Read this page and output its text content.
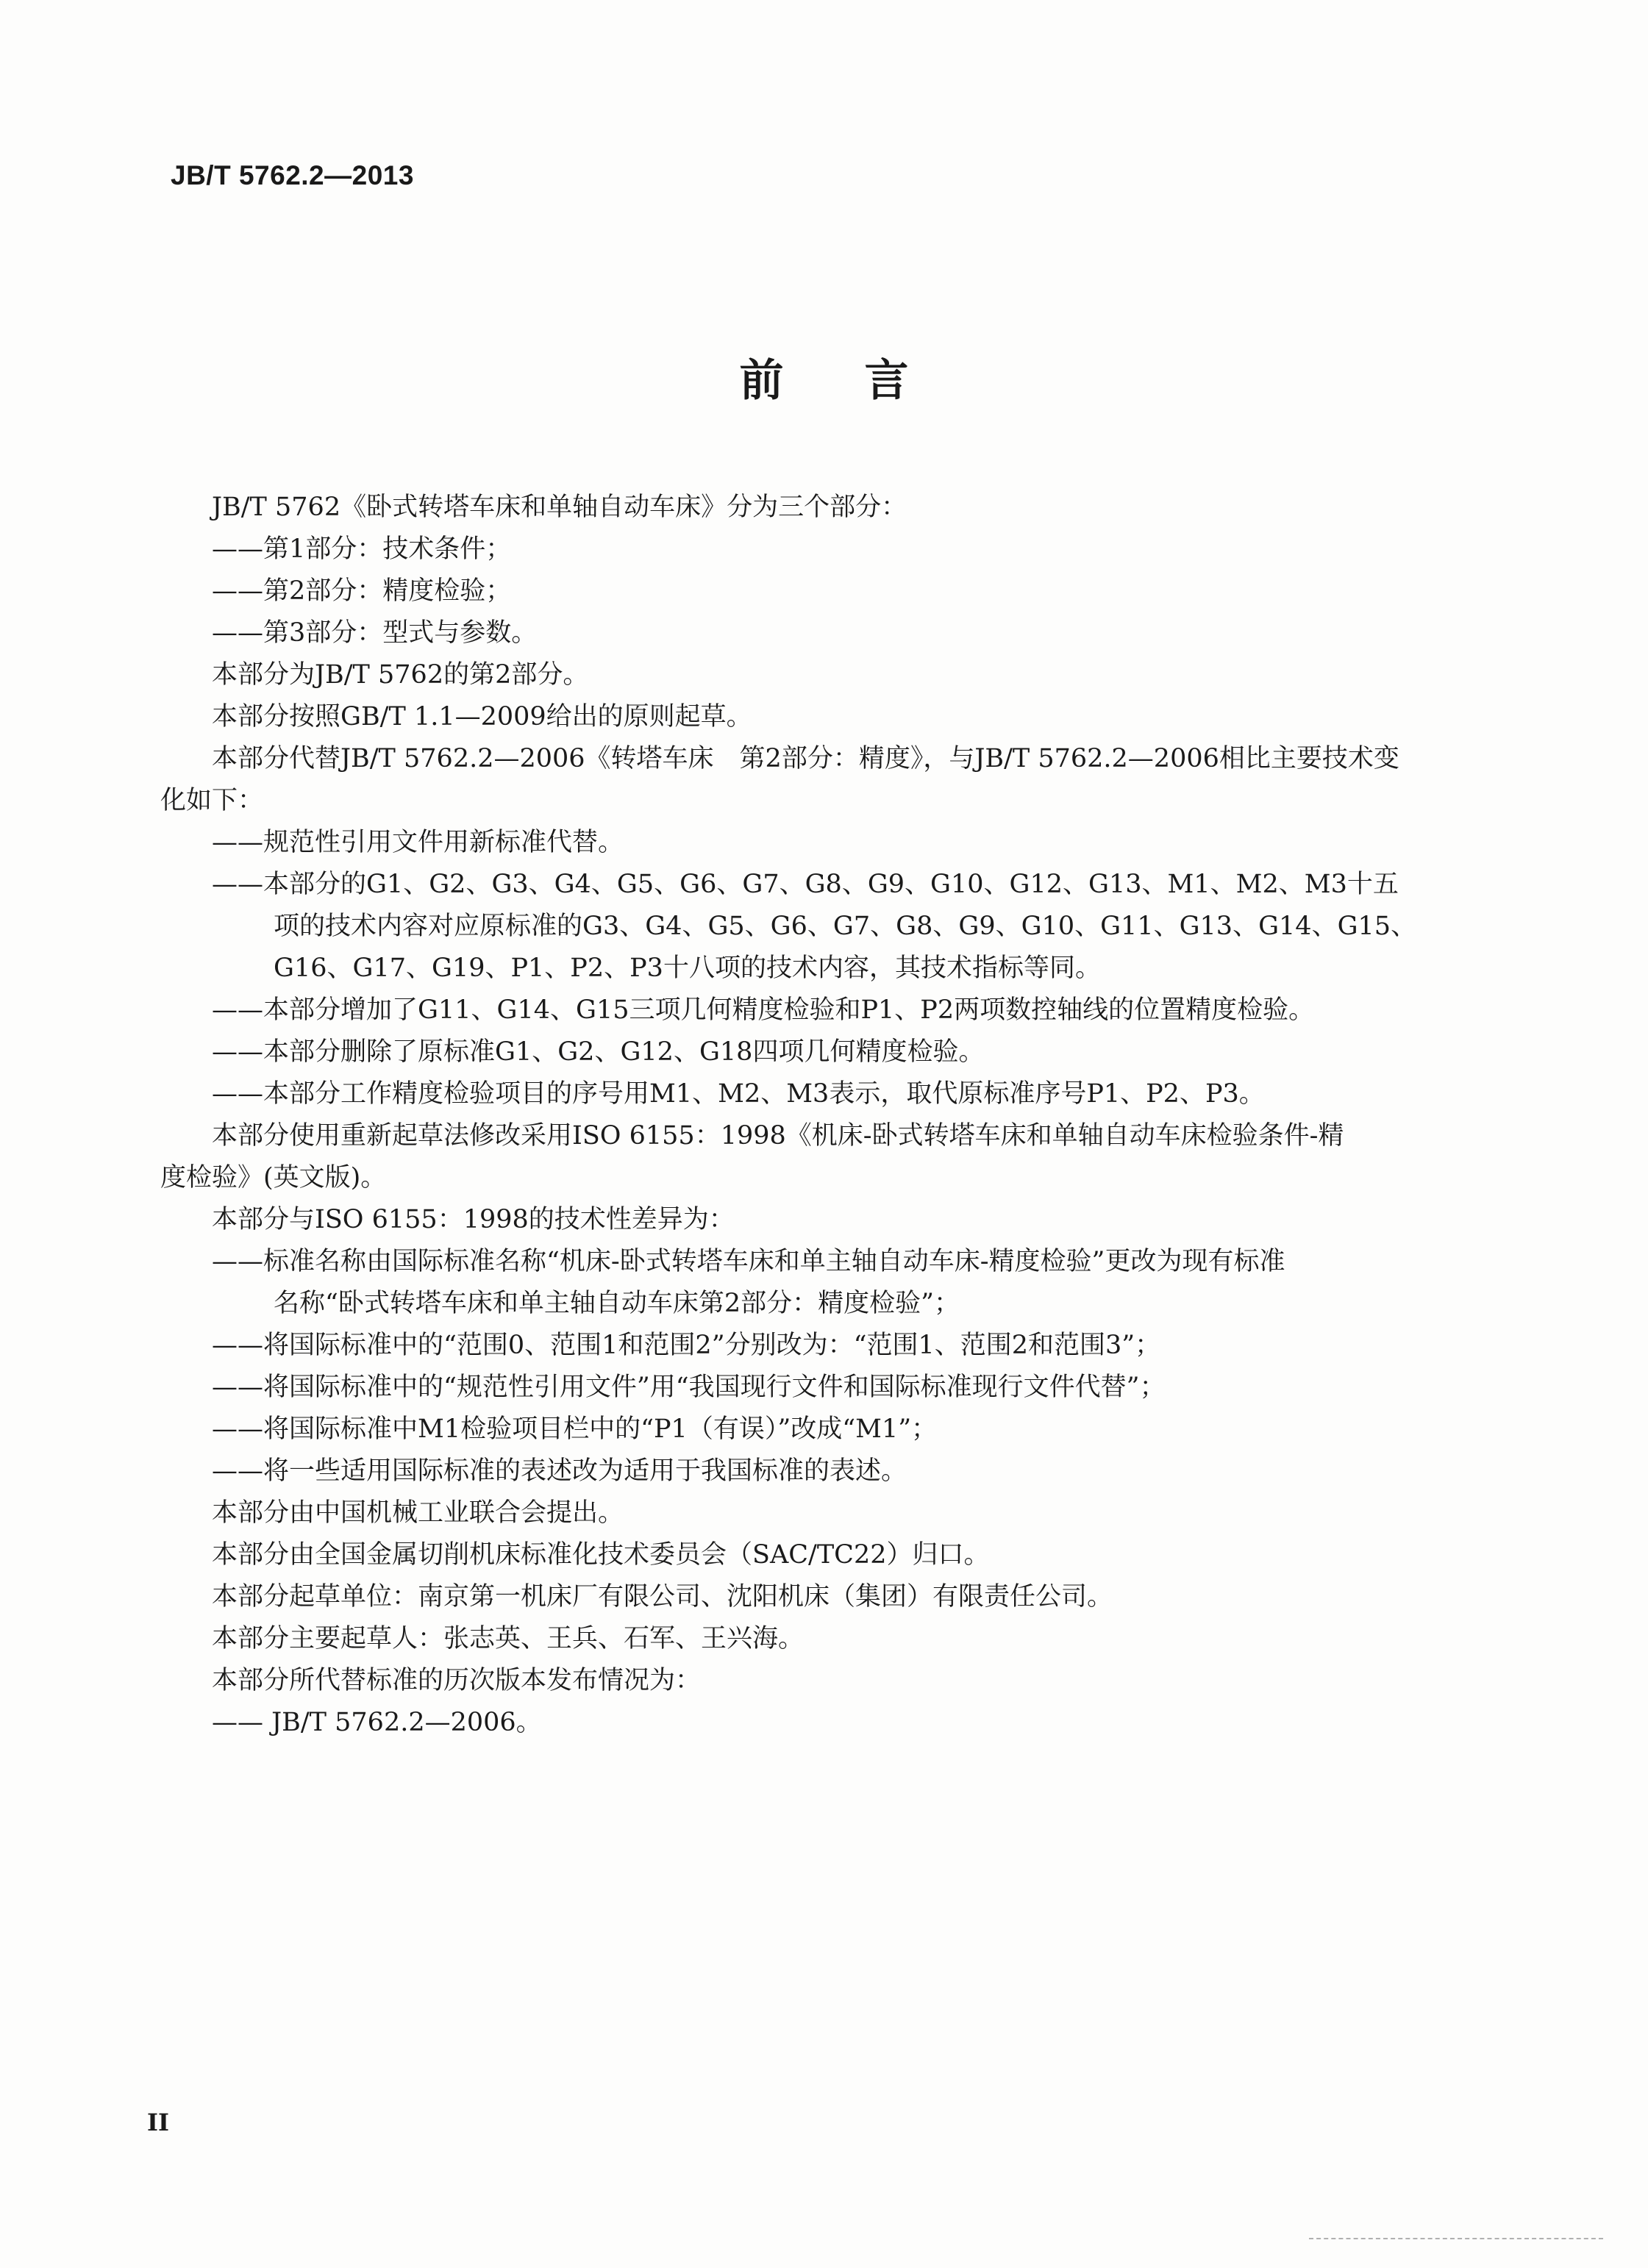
JB/T 5762.2—2013
前言
JB/T 5762《卧式转塔车床和单轴自动车床》分为三个部分：
——第1部分：技术条件；
——第2部分：精度检验；
——第3部分：型式与参数。
本部分为JB/T 5762的第2部分。
本部分按照GB/T 1.1—2009给出的原则起草。
本部分代替JB/T 5762.2—2006《转塔车床　第2部分：精度》，与JB/T 5762.2—2006相比主要技术变
化如下：
——规范性引用文件用新标准代替。
——本部分的G1、G2、G3、G4、G5、G6、G7、G8、G9、G10、G12、G13、M1、M2、M3十五
项的技术内容对应原标准的G3、G4、G5、G6、G7、G8、G9、G10、G11、G13、G14、G15、
G16、G17、G19、P1、P2、P3十八项的技术内容，其技术指标等同。
——本部分增加了G11、G14、G15三项几何精度检验和P1、P2两项数控轴线的位置精度检验。
——本部分删除了原标准G1、G2、G12、G18四项几何精度检验。
——本部分工作精度检验项目的序号用M1、M2、M3表示，取代原标准序号P1、P2、P3。
本部分使用重新起草法修改采用ISO 6155：1998《机床-卧式转塔车床和单轴自动车床检验条件-精
度检验》(英文版)。
本部分与ISO 6155：1998的技术性差异为：
——标准名称由国际标准名称“机床-卧式转塔车床和单主轴自动车床-精度检验”更改为现有标准
名称“卧式转塔车床和单主轴自动车床第2部分：精度检验”；
——将国际标准中的“范围0、范围1和范围2”分别改为：“范围1、范围2和范围3”；
——将国际标准中的“规范性引用文件”用“我国现行文件和国际标准现行文件代替”；
——将国际标准中M1检验项目栏中的“P1（有误）”改成“M1”；
——将一些适用国际标准的表述改为适用于我国标准的表述。
本部分由中国机械工业联合会提出。
本部分由全国金属切削机床标准化技术委员会（SAC/TC22）归口。
本部分起草单位：南京第一机床厂有限公司、沈阳机床（集团）有限责任公司。
本部分主要起草人：张志英、王兵、石军、王兴海。
本部分所代替标准的历次版本发布情况为：
—— JB/T 5762.2—2006。
II
